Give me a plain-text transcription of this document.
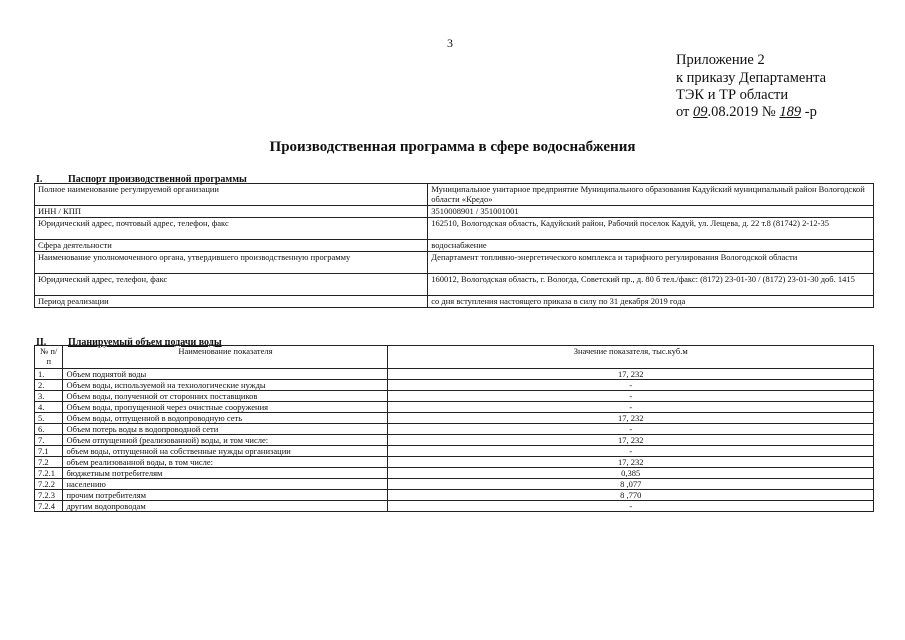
3
Приложение 2
к приказу Департамента
ТЭК и ТР области
от 09.08.2019 № 189 -р
Производственная программа в сфере водоснабжения
I.	Паспорт производственной программы
Полное наименование регулируемой организации	Муниципальное унитарное предприятие Муниципального образования Кадуйский муниципальный район Вологодской области «Кредо»
ИНН / КПП	3510008901 / 351001001
Юридический адрес, почтовый адрес, телефон, факс	162510, Вологодская область, Кадуйский район, Рабочий поселок Кадуй, ул. Лещева, д. 22 т.8 (81742) 2-12-35
Сфера деятельности	водоснабжение
Наименование уполномоченного органа, утвердившего производственную программу	Департамент топливно-энергетического комплекса и тарифного регулирования Вологодской области
Юридический адрес, телефон, факс	160012, Вологодская область, г. Вологда, Советский пр., д. 80 б тел./факс: (8172) 23-01-30 / (8172) 23-01-30 доб. 1415
Период реализации	со дня вступления настоящего приказа в силу по 31 декабря 2019 года
II. Планируемый объем подачи воды
№ п/п	Наименование показателя	Значение показателя, тыс.куб.м
1.	Объем поднятой воды	17, 232
2.	Объем воды, используемой на технологические нужды	-
3.	Объем воды, полученной от сторонних поставщиков	-
4.	Объем воды, пропущенной через очистные сооружения	-
5.	Объем воды, отпущенной в водопроводную сеть	17, 232
6.	Объем потерь воды в водопроводной сети	-
7.	Объем отпущенной (реализованной) воды, и том числе:	17, 232
7.1	объем воды, отпущенной на собственные нужды организации	-
7.2	объем реализованной воды, в том числе:	17, 232
7.2.1	бюджетным потребителям	0,385
7.2.2	населению	8 ,077
7.2.3	прочим потребителям	8 ,770
7.2.4	другим водопроводам	-
